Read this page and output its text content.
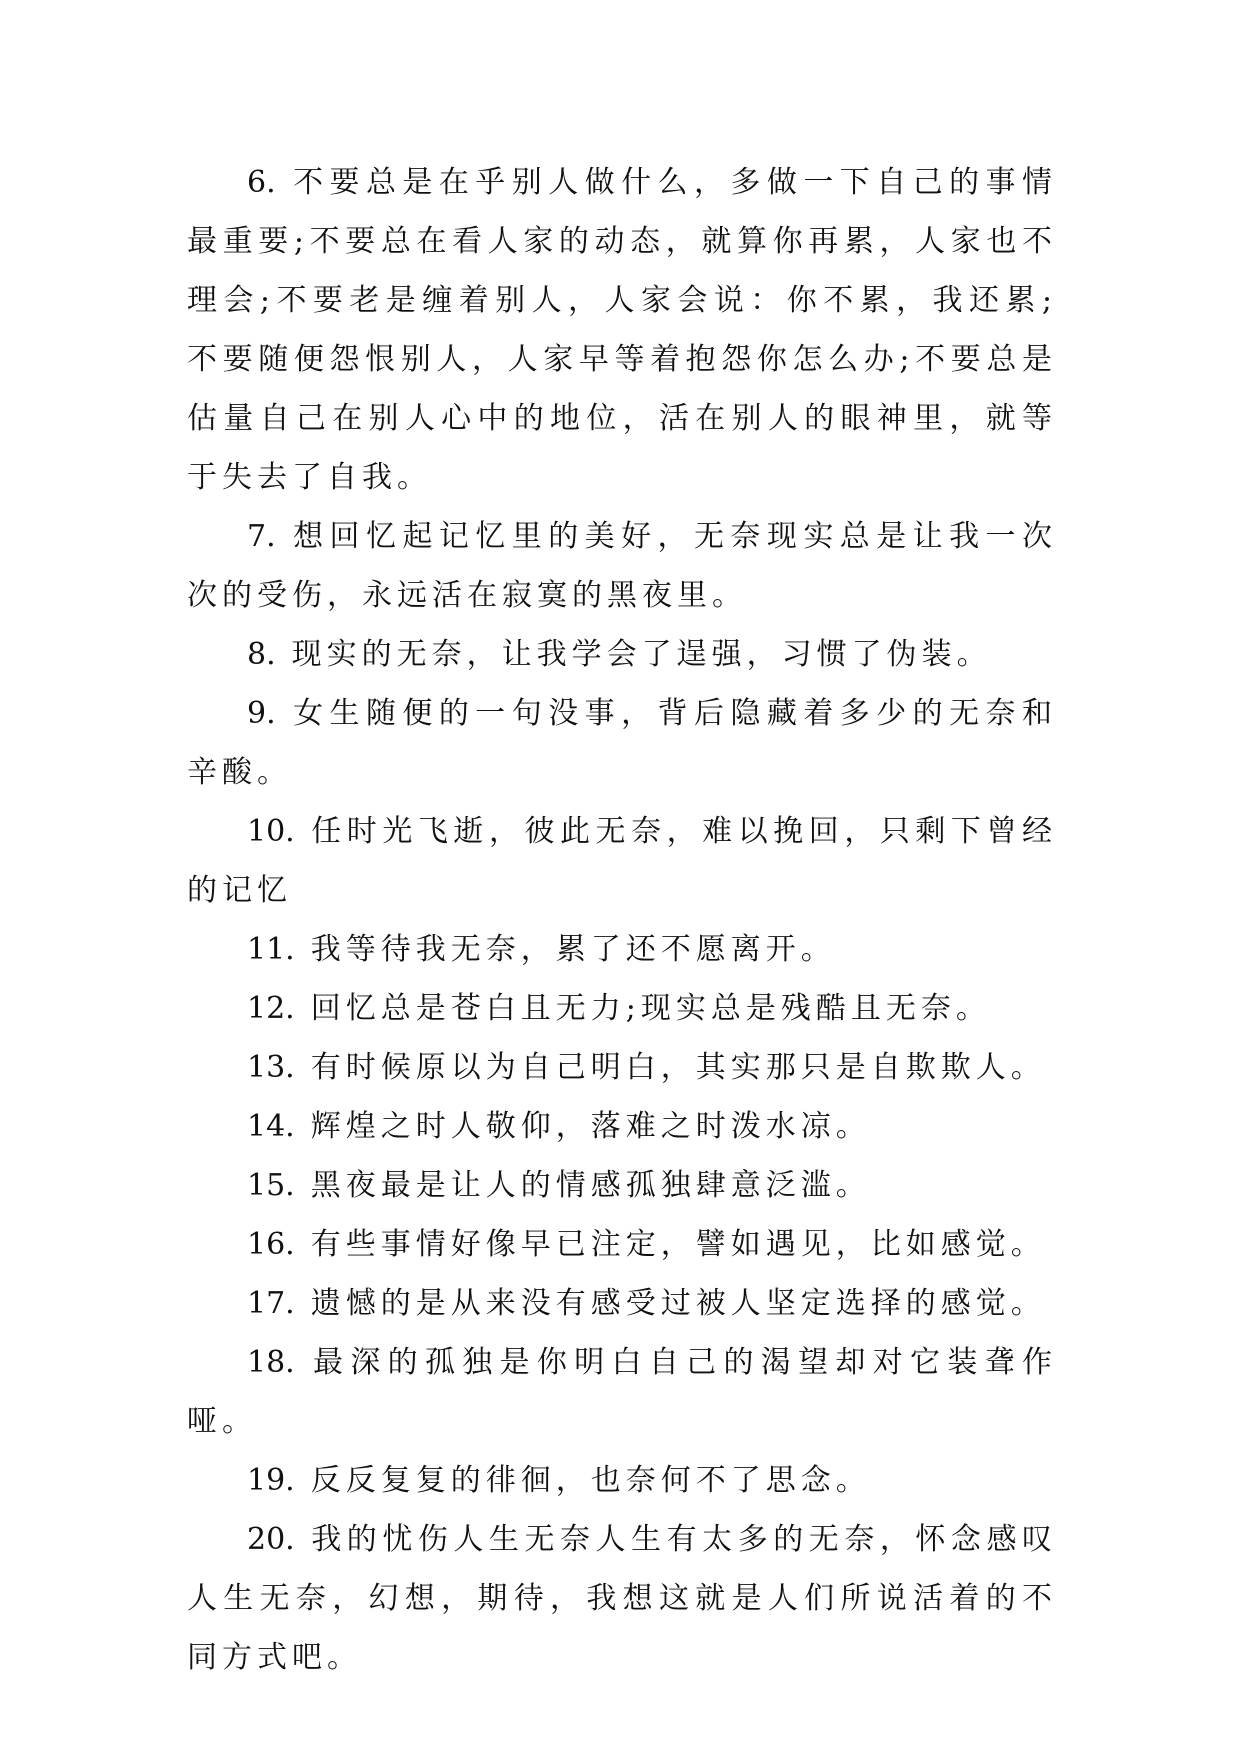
6. 不要总是在乎别人做什么，多做一下自己的事情最重要;不要总在看人家的动态，就算你再累，人家也不理会;不要老是缠着别人，人家会说：你不累，我还累;不要随便怨恨别人，人家早等着抱怨你怎么办;不要总是估量自己在别人心中的地位，活在别人的眼神里，就等于失去了自我。

7. 想回忆起记忆里的美好，无奈现实总是让我一次次的受伤，永远活在寂寞的黑夜里。

8. 现实的无奈，让我学会了逞强，习惯了伪装。

9. 女生随便的一句没事，背后隐藏着多少的无奈和辛酸。

10. 任时光飞逝，彼此无奈，难以挽回，只剩下曾经的记忆

11. 我等待我无奈，累了还不愿离开。

12. 回忆总是苍白且无力;现实总是残酷且无奈。

13. 有时候原以为自己明白，其实那只是自欺欺人。

14. 辉煌之时人敬仰，落难之时泼水凉。

15. 黑夜最是让人的情感孤独肆意泛滥。

16. 有些事情好像早已注定，譬如遇见，比如感觉。

17. 遗憾的是从来没有感受过被人坚定选择的感觉。

18. 最深的孤独是你明白自己的渴望却对它装聋作哑。

19. 反反复复的徘徊，也奈何不了思念。

20. 我的忧伤人生无奈人生有太多的无奈，怀念感叹人生无奈，幻想，期待，我想这就是人们所说活着的不同方式吧。
